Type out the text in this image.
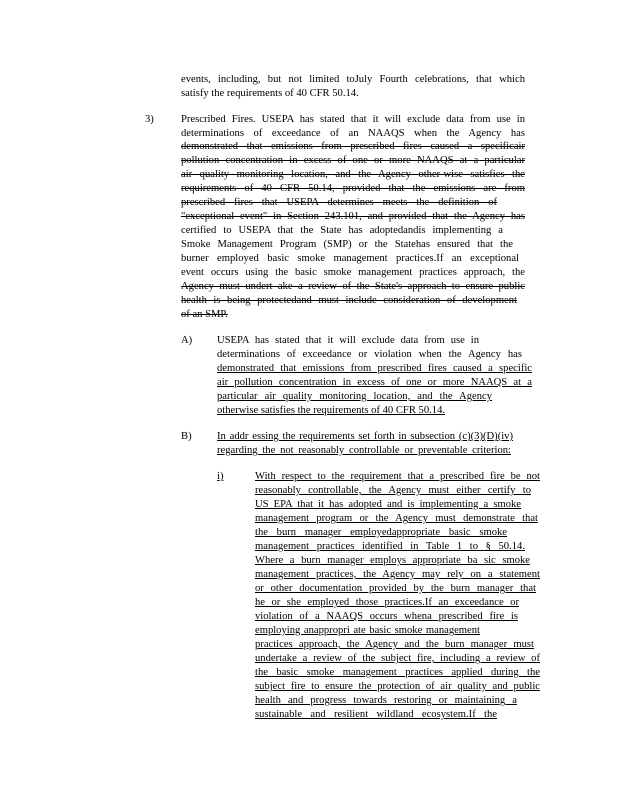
events, including, but not limited toJuly Fourth celebrations, that which
satisfy the requirements of 40 CFR 50.14.
3)	Prescribed Fires. USEPA has stated that it will exclude data from use in
determinations of exceedance of an NAAQS when the Agency has
demonstrated that emissions from prescribed fires caused a specificair
pollution concentration in excess of one or more NAAQS at a particular
air quality monitoring location, and the Agency other-wise satisfies the
requirements of 40 CFR 50.14, provided that the emissions are from
prescribed fires that USEPA determines meets the definition of
"exceptional event" in Section 243.101, and provided that the Agency has
certified to USEPA that the State has adoptedandis implementing a
Smoke Management Program (SMP) or the Statehas ensured that the
burner employed basic smoke management practices.If an exceptional
event occurs using the basic smoke management practices approach, the
Agency must undert ake a review of the State's approach to ensure public
health is being protectedand must include consideration of development
of an SMP.
A) USEPA has stated that it will exclude data from use in
determinations of exceedance or violation when the Agency has
demonstrated that emissions from prescribed fires caused a specific
air pollution concentration in excess of one or more NAAQS at a
particular air quality monitoring location, and the Agency
otherwise satisfies the requirements of 40 CFR 50.14.
B) In addr essing the requirements set forth in subsection (c)(3)(D)(iv)
regarding the not reasonably controllable or preventable criterion:
i)	With respect to the requirement that a prescribed fire be not
reasonably controllable, the Agency must either certify to
US EPA that it has adopted and is implementing a smoke
management program or the Agency must demonstrate that
the burn manager employedappropriate basic smoke
management practices identified in Table 1 to § 50.14.
Where a burn manager employs appropriate ba sic smoke
management practices, the Agency may rely on a statement
or other documentation provided by the burn manager that
he or she employed those practices.If an exceedance or
violation of a NAAQS occurs whena prescribed fire is
employing anappropri ate basic smoke management
practices approach, the Agency and the burn manager must
undertake a review of the subject fire, including a review of
the basic smoke management practices applied during the
subject fire to ensure the protection of air quality and public
health and progress towards restoring or maintaining a
sustainable and resilient wildland ecosystem.If the
